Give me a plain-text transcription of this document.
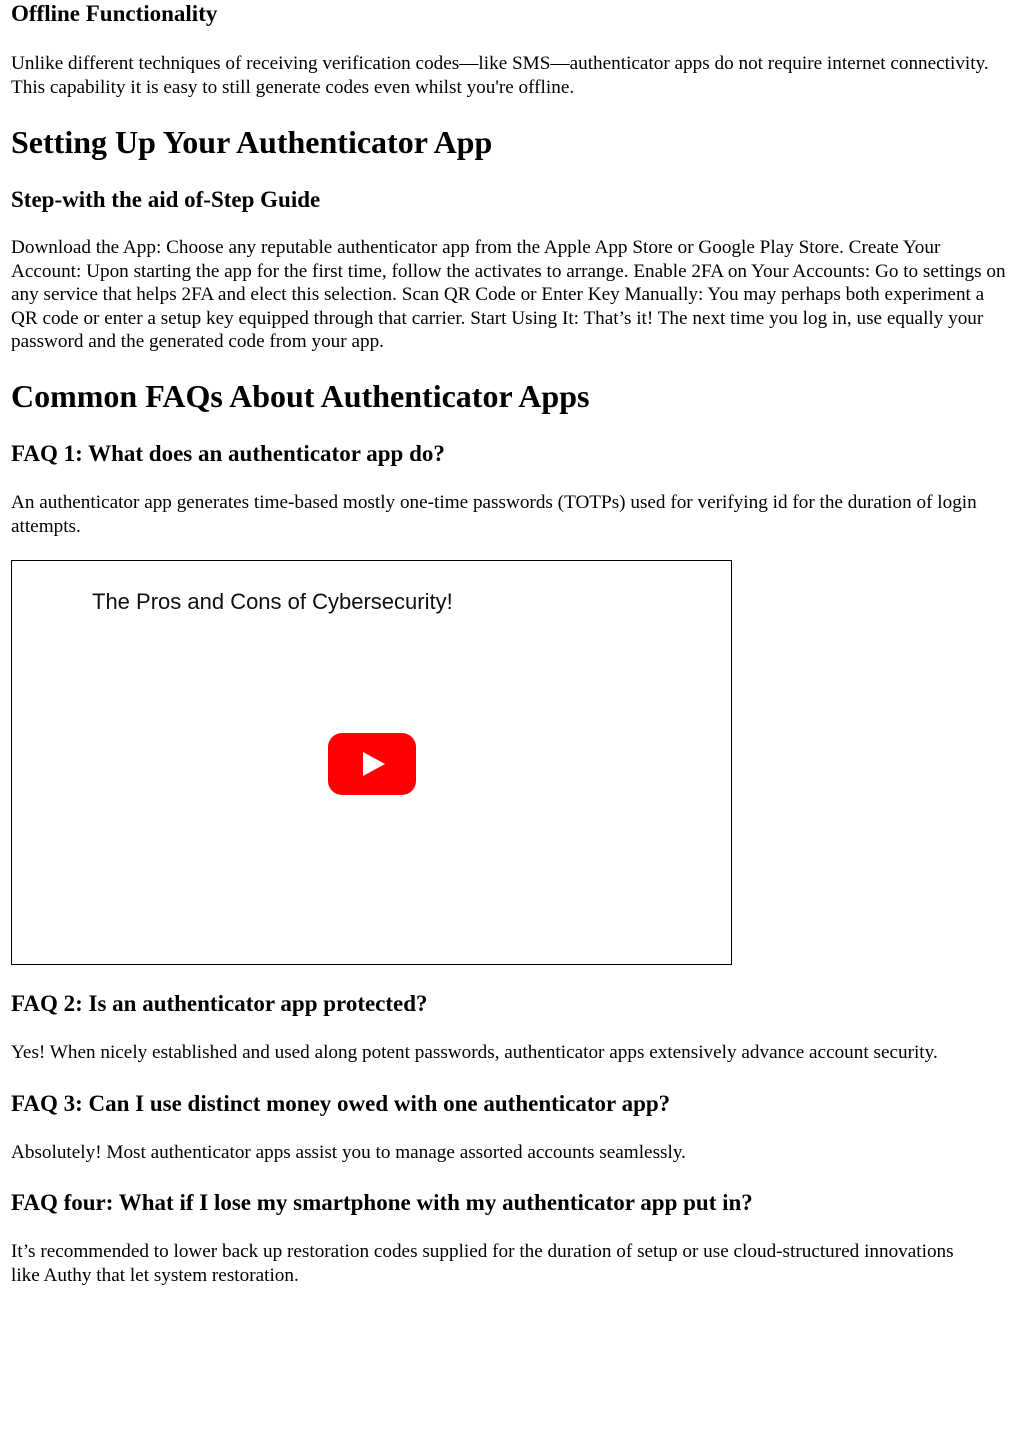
Offline Functionality

Unlike different techniques of receiving verification codes—like SMS—authenticator apps do not require internet connectivity. This capability it is easy to still generate codes even whilst you're offline.

Setting Up Your Authenticator App
Step-with the aid of-Step Guide

Download the App: Choose any reputable authenticator app from the Apple App Store or Google Play Store. Create Your Account: Upon starting the app for the first time, follow the activates to arrange. Enable 2FA on Your Accounts: Go to settings on any service that helps 2FA and elect this selection. Scan QR Code or Enter Key Manually: You may perhaps both experiment a QR code or enter a setup key equipped through that carrier. Start Using It: That’s it! The next time you log in, use equally your password and the generated code from your app.

Common FAQs About Authenticator Apps
FAQ 1: What does an authenticator app do?

An authenticator app generates time-based mostly one-time passwords (TOTPs) used for verifying id for the duration of login attempts.

The Pros and Cons of Cybersecurity!
FAQ 2: Is an authenticator app protected?

Yes! When nicely established and used along potent passwords, authenticator apps extensively advance account security.

FAQ 3: Can I use distinct money owed with one authenticator app?

Absolutely! Most authenticator apps assist you to manage assorted accounts seamlessly.

FAQ four: What if I lose my smartphone with my authenticator app put in?

It’s recommended to lower back up restoration codes supplied for the duration of setup or use cloud-structured innovations like Authy that let system restoration.
